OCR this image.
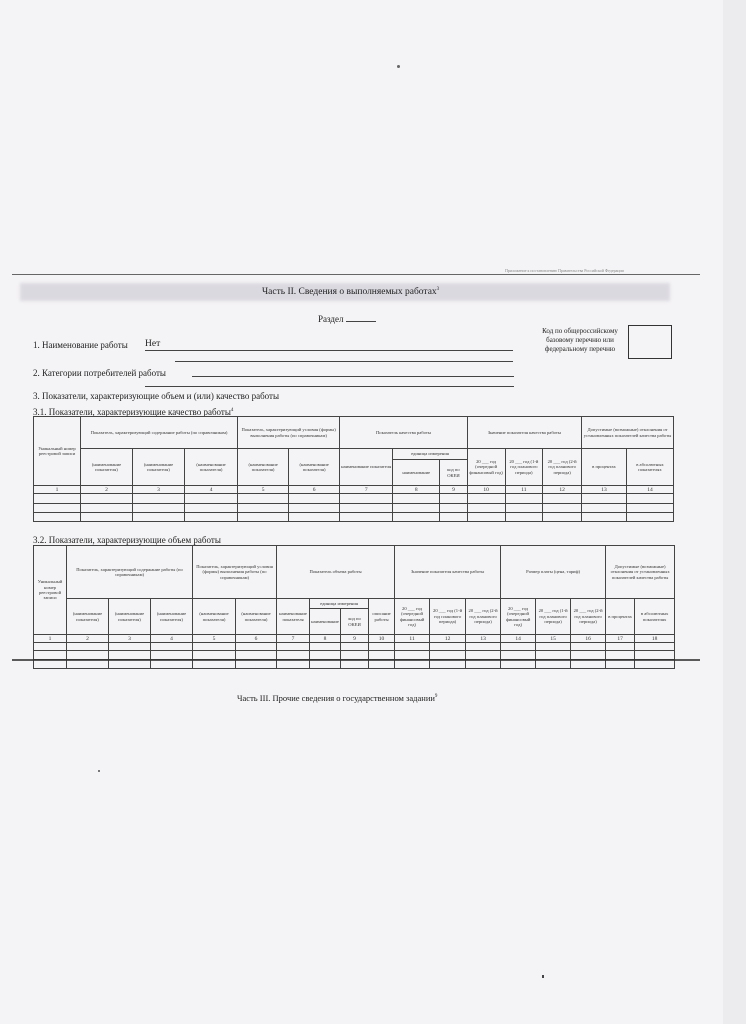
Приложение к постановлению Правительства Российской Федерации
Часть II. Сведения о выполняемых работах$^3$
Раздел
1. Наименование работы Нет
2. Категории потребителей работы
3. Показатели, характеризующие объем и (или) качество работы
Код по общероссийскому базовому перечню или федеральному перечню
3.1. Показатели, характеризующие качество работы$^4$
Уникальный номер реестровой записи	Показатель, характеризующий содержание работы (по справочникам)			Показатель, характеризующий условия (формы) выполнения работы (по справочникам)		Показатель качества работы			Значение показателя качества работы			Допустимые (возможные) отклонения от установленных показателей качества работы	
	(наименование показателя)	(наименование показателя)	(наименование показателя)	(наименование показателя)	(наименование показателя)	наименование показателя	единица измерения		20 ___ год (очередной финансовый год)	20 ___ год (1-й год планового периода)	20 ___ год (2-й год планового периода)	в процентах	в абсолютных показателях
							наименование	код по ОКЕИ					
1	2	3	4	5	6	7	8	9	10	11	12	13	14

3.2. Показатели, характеризующие объем работы
Уникальный номер реестровой записи	Показатель, характеризующий содержание работы (по справочникам)			Показатель, характеризующий условия (формы) выполнения работы (по справочникам)		Показатель объема работы				Значение показателя качества работы			Размер платы (цена, тариф)			Допустимые (возможные) отклонения от установленных показателей качества работы	
	(наименование показателя)	(наименование показателя)	(наименование показателя)	(наименование показателя)	(наименование показателя)	наименование показателя	единица измерения		описание работы	20 ___ год (очередной финансовый год)	20 ___ год (1-й год планового периода)	20 ___ год (2-й год планового периода)	20 ___ год (очередной финансовый год)	20 ___ год (1-й год планового периода)	20 ___ год (2-й год планового периода)	в процентах	в абсолютных показателях
							наименование	код по ОКЕИ									
1	2	3	4	5	6	7	8	9	10	11	12	13	14	15	16	17	18

Часть III. Прочие сведения о государственном задании$^9$
